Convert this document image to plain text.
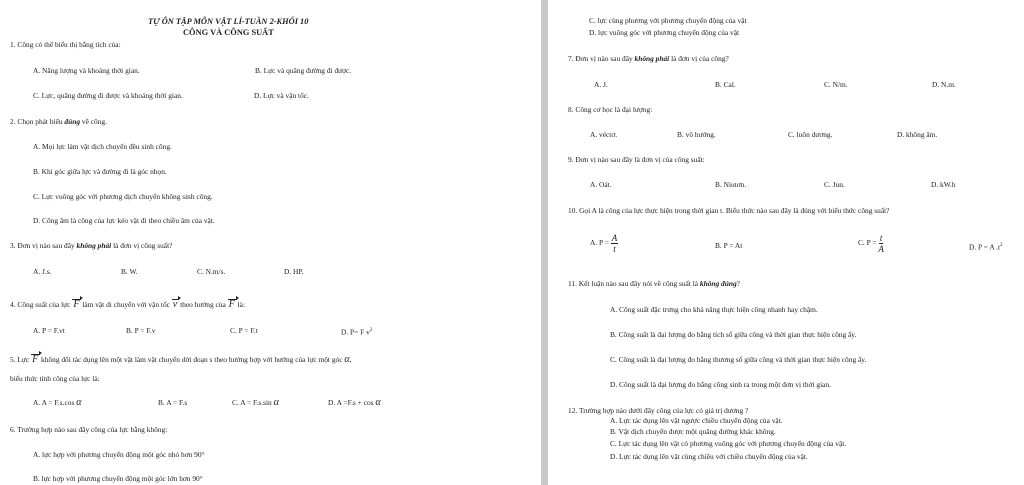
TỰ ÔN TẬP MÔN VẬT LÍ-TUẦN 2-KHỐI 10
CÔNG VÀ CÔNG SUẤT
1. Công có thể biểu thị bằng tích của:
A. Năng lượng và khoảng thời gian.	B. Lực và quãng đường đi được.
C. Lực, quãng đường đi được và khoảng thời gian.	D. Lực và vận tốc.
2. Chọn phát biểu đúng về công.
A. Mọi lực làm vật dịch chuyển đều sinh công.
B. Khi góc giữa lực và đường đi là góc nhọn.
C. Lực vuông góc với phương dịch chuyển không sinh công.
D. Công âm là công của lực kéo vật đi theo chiều âm của vật.
3. Đơn vị nào sau đây không phải là đơn vị công suất?
A. J.s.	B. W.	C. N.m/s.	D. HP.
4. Công suất của lực F làm vật di chuyển với vận tốc v theo hướng của F là:
A. P = F.vt	B. P = F.v	C. P = F.t	D. P= F $v^2$
5. Lực F không đổi tác dụng lên một vật làm vật chuyển dời đoạn s theo hướng hợp với hướng của lực một góc α,
biểu thức tính công của lực là:
A. A = F.s.cos α	B. A = F.s	C. A = F.s.sin α	D. A =F.s + cos α
6. Trường hợp nào sau đây công của lực bằng không:
A. lực hợp với phương chuyển động một góc nhỏ hơn 90°
B. lực hợp với phương chuyển động một góc lớn hơn 90°
C. lực cùng phương với phương chuyển động của vật
D. lực vuông góc với phương chuyển động của vật
7. Đơn vị nào sau đây không phải là đơn vị của công?
A. J.	B. Cal.	C. N/m.	D. N.m.
8. Công cơ học là đại lượng:
A. véctơ.	B. vô hướng.	C. luôn dương.	D. không âm.
9. Đơn vị nào sau đây là đơn vị của công suất:
A. Oát.	B. Niutơn.	C. Jun.	D. kW.h
10. Gọi A là công của lực thực hiện trong thời gian t. Biểu thức nào sau đây là đúng với biểu thức công suất?
A. $P = \frac{A}{t}$	B. P = At	C. $P = \frac{t}{A}$	D. P = A $.t^2$
11. Kết luận nào sau đây nói về công suất là không đúng?
A. Công suất đặc trưng cho khả năng thực hiện công nhanh hay chậm.
B. Công suất là đại lượng đo bằng tích số giữa công và thời gian thực hiện công ấy.
C. Công suất là đại lượng đo bằng thương số giữa công và thời gian thực hiện công ấy.
D. Công suất là đại lượng đo bằng công sinh ra trong một đơn vị thời gian.
12. Trường hợp nào dưới đây công của lực có giá trị dương ?
A. Lực tác dụng lên vật ngược chiều chuyển động của vật.
B. Vật dịch chuyển được một quãng đường khác không.
C. Lực tác dụng lên vật có phương vuông góc với phương chuyển động của vật.
D. Lực tác dụng lên vật cùng chiều với chiều chuyển động của vật.
